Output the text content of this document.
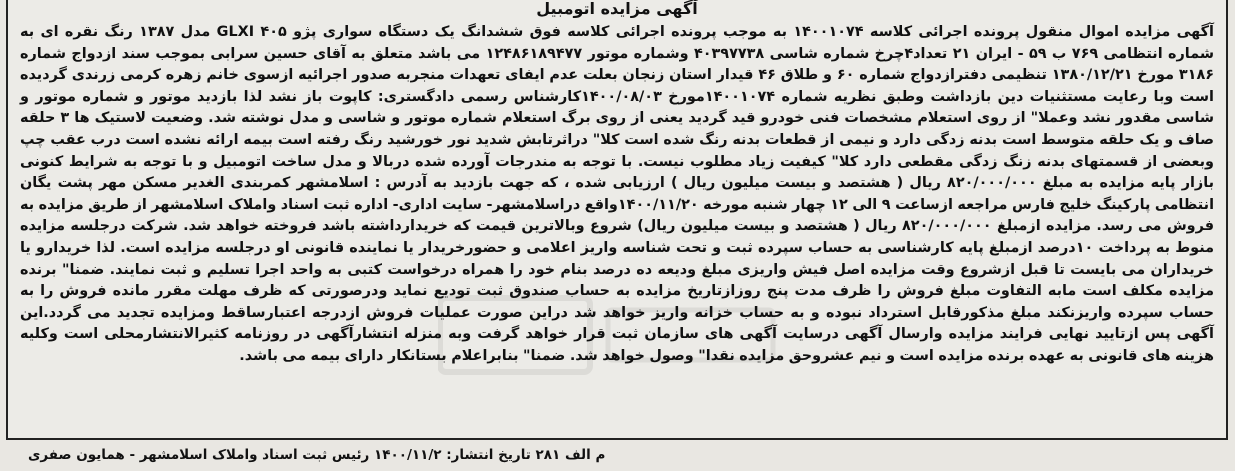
آگهی مزایده اتومبیل
آگهی مزایده اموال منقول پرونده اجرائی کلاسه ۱۴۰۰۱۰۷۴ به موجب پرونده اجرائی کلاسه فوق ششدانگ یک دستگاه سواری پژو GLXI ۴۰۵ مدل ۱۳۸۷ رنگ نقره ای به شماره انتظامی ۷۶۹ ب ۵۹ - ایران ۲۱ تعداد۴چرخ شماره شاسی ۴۰۳۹۷۷۳۸ وشماره موتور ۱۲۴۸۶۱۸۹۴۷۷ می باشد متعلق به آقای حسین سرابی بموجب سند ازدواج شماره ۳۱۸۶ مورخ ۱۳۸۰/۱۲/۲۱ تنظیمی دفترازدواج شماره ۶۰ و طلاق ۴۶ قیدار استان زنجان بعلت عدم ایفای تعهدات منجربه صدور اجرائیه ازسوی خانم زهره کرمی زرندی گردیده است وبا رعایت مستثنیات دین بازداشت وطبق نظریه شماره ۱۴۰۰۱۰۷۴مورخ ۱۴۰۰/۰۸/۰۳کارشناس رسمی دادگستری: کاپوت باز نشد لذا بازدید موتور و شماره موتور و شاسی مقدور نشد وعملا" از روی استعلام مشخصات فنی خودرو قید گردید یعنی از روی برگ استعلام شماره موتور و شاسی و مدل نوشته شد. وضعیت لاستیک ها ۳ حلقه صاف و یک حلقه متوسط است بدنه زدگی دارد و نیمی از قطعات بدنه رنگ شده است کلا" دراثرتابش شدید نور خورشید رنگ رفته است بیمه ارائه نشده است درب عقب چپ وبعضی از قسمتهای بدنه زنگ زدگی مقطعی دارد کلا" کیفیت زیاد مطلوب نیست. با توجه به مندرجات آورده شده دربالا و مدل ساخت اتومبیل و با توجه به شرایط کنونی بازار پایه مزایده به مبلغ ۸۲۰/۰۰۰/۰۰۰ ریال ( هشتصد و بیست میلیون ریال ) ارزیابی شده ، که جهت بازدید به آدرس : اسلامشهر کمربندی الغدیر مسکن مهر پشت یگان انتظامی پارکینگ خلیج فارس مراجعه ازساعت ۹ الی ۱۲ چهار شنبه مورخه ۱۴۰۰/۱۱/۲۰واقع دراسلامشهر- سایت اداری- اداره ثبت اسناد واملاک اسلامشهر از طریق مزایده به فروش می رسد. مزایده ازمبلغ ۸۲۰/۰۰۰/۰۰۰ ریال ( هشتصد و بیست میلیون ریال) شروع وبالاترین قیمت که خریدارداشته باشد فروخته خواهد شد. شرکت درجلسه مزایده منوط به پرداخت ۱۰درصد ازمبلغ پایه کارشناسی به حساب سپرده ثبت و تحت شناسه واریز اعلامی و حضورخریدار یا نماینده قانونی او درجلسه مزایده است. لذا خریدارو یا خریداران می بایست تا قبل ازشروع وقت مزایده اصل فیش واریزی مبلغ ودیعه ده درصد بنام خود را همراه درخواست کتبی به واحد اجرا تسلیم و ثبت نمایند. ضمنا" برنده مزایده مکلف است مابه التفاوت مبلغ فروش را ظرف مدت پنج روزازتاریخ مزایده به حساب صندوق ثبت تودیع نماید ودرصورتی که ظرف مهلت مقرر مانده فروش را به حساب سپرده واریزنکند مبلغ مذکورقابل استرداد نبوده و به حساب خزانه واریز خواهد شد دراین صورت عملیات فروش ازدرجه اعتبارساقط ومزایده تجدید می گردد.این آگهی پس ازتایید نهایی فرایند مزایده وارسال آگهی درسایت آگهی های سازمان ثبت قرار خواهد گرفت وبه منزله انتشارآگهی در روزنامه کثیرالانتشارمحلی است وکلیه هزینه های قانونی به عهده برنده مزایده است و نیم عشروحق مزایده نقدا" وصول خواهد شد. ضمنا" بنابراعلام بستانکار دارای بیمه می باشد.
م الف ۲۸۱ تاریخ انتشار: ۱۴۰۰/۱۱/۲ رئیس ثبت اسناد واملاک اسلامشهر - همایون صفری
